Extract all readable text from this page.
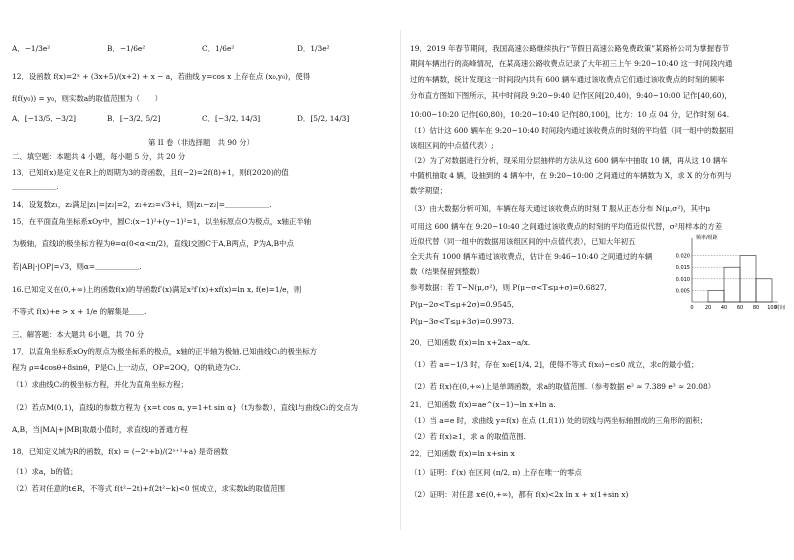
A．−1/3e²	B．−1/6e²	C．1/6e²	D．1/3e²
12．设函数 f(x)=2ˣ + (3x+5)/(x+2) + x − a，若曲线 y=cos x 上存在点 (x₀,y₀)，使得
f(f(y₀)) = y₀，则实数a的取值范围为（　　）
A．[−13/5, −3/2]	B．[−3/2, 5/2]	C．[−3/2, 14/3]	D．[5/2, 14/3]
第 II 卷（非选择题　共 90 分）
二、填空题：本题共 4 小题，每小题 5 分，共 20 分
13．已知f(x)是定义在R上的周期为3的奇函数，且f(−2)=2f(8)+1，则f(2020)的值
＿＿＿＿＿＿.
14．设复数z₁，z₂满足|z₁|=|z₂|=2，z₁+z₂=√3+i，则|z₁−z₂|=＿＿＿＿＿＿.
15．在平面直角坐标系xOy中，圆C:(x−1)²+(y−1)²=1，以坐标原点O为极点，x轴正半轴
为极轴，直线l的极坐标方程为θ=α(0<α<π/2)，直线l交圆C于A,B两点，P为A,B中点
若|AB|·|OP|=√3，则α=＿＿＿＿＿＿.
16.已知定义在(0,+∞)上的函数f(x)的导函数f′(x)满足x²f′(x)+xf(x)=ln x, f(e)=1/e，则
不等式 f(x)+e > x + 1/e 的解集是＿＿.
三、解答题：本大题共 6小题，共 70 分
17．以直角坐标系xOy的原点为极坐标系的极点，x轴的正半轴为极轴.已知曲线C₁的极坐标方
程为 ρ=4cosθ+8sinθ，P是C₁上一动点，OP=2OQ，Q的轨迹为C₂.
（1）求曲线C₂的极坐标方程，并化为直角坐标方程；
（2）若点M(0,1)，直线l的参数方程为 {x=t cos α, y=1+t sin α}（t为参数），直线l与曲线C₂的交点为
A,B，当|MA|+|MB|取最小值时，求直线l的普通方程
18．已知定义域为R的函数，f(x) = (−2ˣ+b)/(2ˣ⁺¹+a) 是奇函数
（1）求a，b的值；
（2）若对任意的t∈R，不等式 f(t²−2t)+f(2t²−k)<0 恒成立，求实数k的取值范围
19．2019 年春节期间，我国高速公路继续执行“节假日高速公路免费政策”某路桥公司为掌握春节
期间车辆出行的高峰情况，在某高速公路收费点记录了大年初三上午 9:20~10:40 这一时间段内通
过的车辆数，统计发现这一时间段内共有 600 辆车通过该收费点它们通过该收费点的时刻的频率
分布直方图如下图所示，其中时间段 9:20~9:40 记作区间[20,40)，9:40~10:00 记作[40,60)，
10:00~10:20 记作[60,80)，10:20~10:40 记作[80,100]，比方：10 点 04 分，记作时刻 64.
（1）估计这 600 辆车在 9:20~10:40 时间段内通过该收费点的时刻的平均值（同一组中的数据用
该组区间的中点值代表）;
（2）为了对数据进行分析，现采用分层抽样的方法从这 600 辆车中抽取 10 辆，再从这 10 辆车
中随机抽取 4 辆，设抽到的 4 辆车中，在 9:20~10:00 之间通过的车辆数为 X，求 X 的分布列与
数学期望；
（3）由大数据分析可知，车辆在每天通过该收费点的时刻 T 服从正态分布 N(μ,σ²)，其中μ
可用这 600 辆车在 9:20~10:40 之间通过该收费点的时刻的平均值近似代替，σ²用样本的方差
近似代替（同一组中的数据用该组区间的中点值代表），已知大年初五
全天共有 1000 辆车通过该收费点，估计在 9:46~10:40 之间通过的车辆
数（结果保留到整数）
参考数据：若 T~N(μ,σ²)，则 P(μ−σ<T≤μ+σ)=0.6827,
P(μ−2σ<T≤μ+2σ)=0.9545,
P(μ−3σ<T≤μ+3σ)=0.9973.
20．已知函数 f(x)=ln x+2ax−a/x.
（1）若 a=−1/3 时，存在 x₀∈[1/4, 2]，使得不等式 f(x₀)−c≤0 成立，求c的最小值；
（2）若 f(x)在(0,+∞)上是单调函数，求a的取值范围.（参考数据 e² ≈ 7.389 e³ ≈ 20.08）
21．已知函数 f(x)=ae^(x−1)−ln x+ln a.
（1）当 a=e 时，求曲线 y=f(x) 在点 (1,f(1)) 处的切线与两坐标轴围成的三角形的面积；
（2）若 f(x)≥1，求 a 的取值范围.
22．已知函数 f(x)=ln x+sin x
（1）证明：f′(x) 在区间 (π/2, π) 上存在唯一的零点
（2）证明：对任意 x∈(0,+∞)，都有 f(x)<2x ln x + x(1+sin x)
0.020
0.015
0.010
0.005
0 20 40 60 80 100
频率/组距
时间
